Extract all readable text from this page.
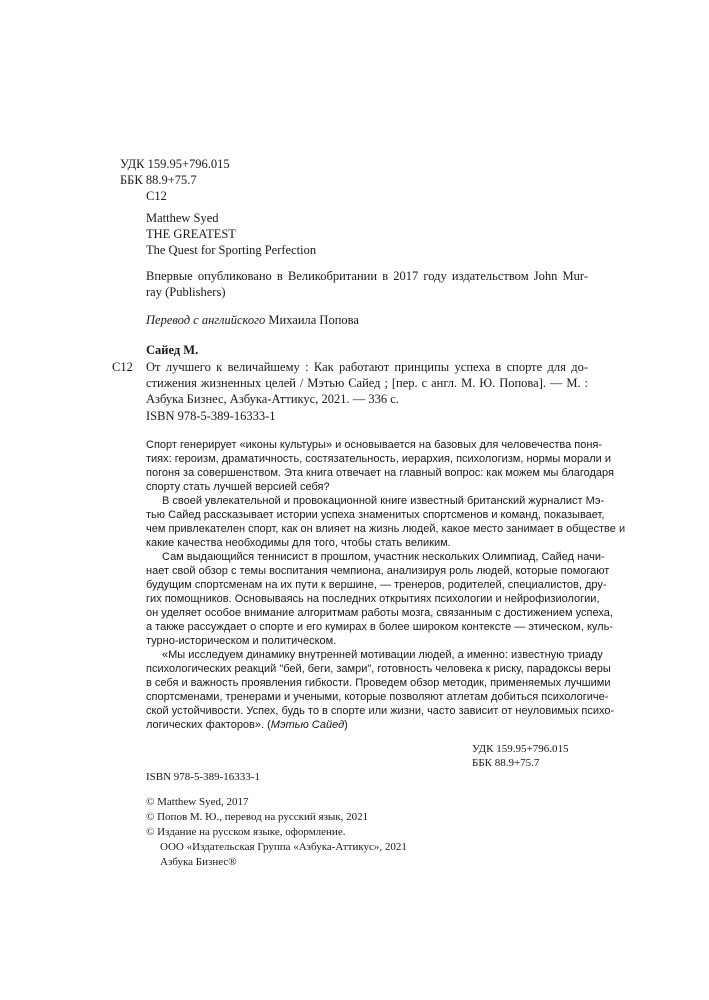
УДК 159.95+796.015
ББК 88.9+75.7
С12
Matthew Syed
THE GREATEST
The Quest for Sporting Perfection
Впервые опубликовано в Великобритании в 2017 году издательством John Mur-
ray (Publishers)
Перевод с английского Михаила Попова
Сайед М.
С12 От лучшего к величайшему : Как работают принципы успеха в спорте для до-
стижения жизненных целей / Мэтью Сайед ; [пер. с англ. М. Ю. Попова]. — М. :
Азбука Бизнес, Азбука-Аттикус, 2021. — 336 с.
ISBN 978-5-389-16333-1
Спорт генерирует «иконы культуры» и основывается на базовых для человечества поня-
тиях: героизм, драматичность, состязательность, иерархия, психологизм, нормы морали и
погоня за совершенством. Эта книга отвечает на главный вопрос: как можем мы благодаря
спорту стать лучшей версией себя?
В своей увлекательной и провокационной книге известный британский журналист Мэ-
тью Сайед рассказывает истории успеха знаменитых спортсменов и команд, показывает,
чем привлекателен спорт, как он влияет на жизнь людей, какое место занимает в обществе и
какие качества необходимы для того, чтобы стать великим.
Сам выдающийся теннисист в прошлом, участник нескольких Олимпиад, Сайед начи-
нает свой обзор с темы воспитания чемпиона, анализируя роль людей, которые помогают
будущим спортсменам на их пути к вершине, — тренеров, родителей, специалистов, дру-
гих помощников. Основываясь на последних открытиях психологии и нейрофизиологии,
он уделяет особое внимание алгоритмам работы мозга, связанным с достижением успеха,
а также рассуждает о спорте и его кумирах в более широком контексте — этическом, куль-
турно-историческом и политическом.
«Мы исследуем динамику внутренней мотивации людей, а именно: известную триаду
психологических реакций "бей, беги, замри", готовность человека к риску, парадоксы веры
в себя и важность проявления гибкости. Проведем обзор методик, применяемых лучшими
спортсменами, тренерами и учеными, которые позволяют атлетам добиться психологиче-
ской устойчивости. Успех, будь то в спорте или жизни, часто зависит от неуловимых психо-
логических факторов». (Мэтью Сайед)
УДК 159.95+796.015
ББК 88.9+75.7
ISBN 978-5-389-16333-1
© Matthew Syed, 2017
© Попов М. Ю., перевод на русский язык, 2021
© Издание на русском языке, оформление.
ООО «Издательская Группа «Азбука-Аттикус», 2021
Азбука Бизнес®
